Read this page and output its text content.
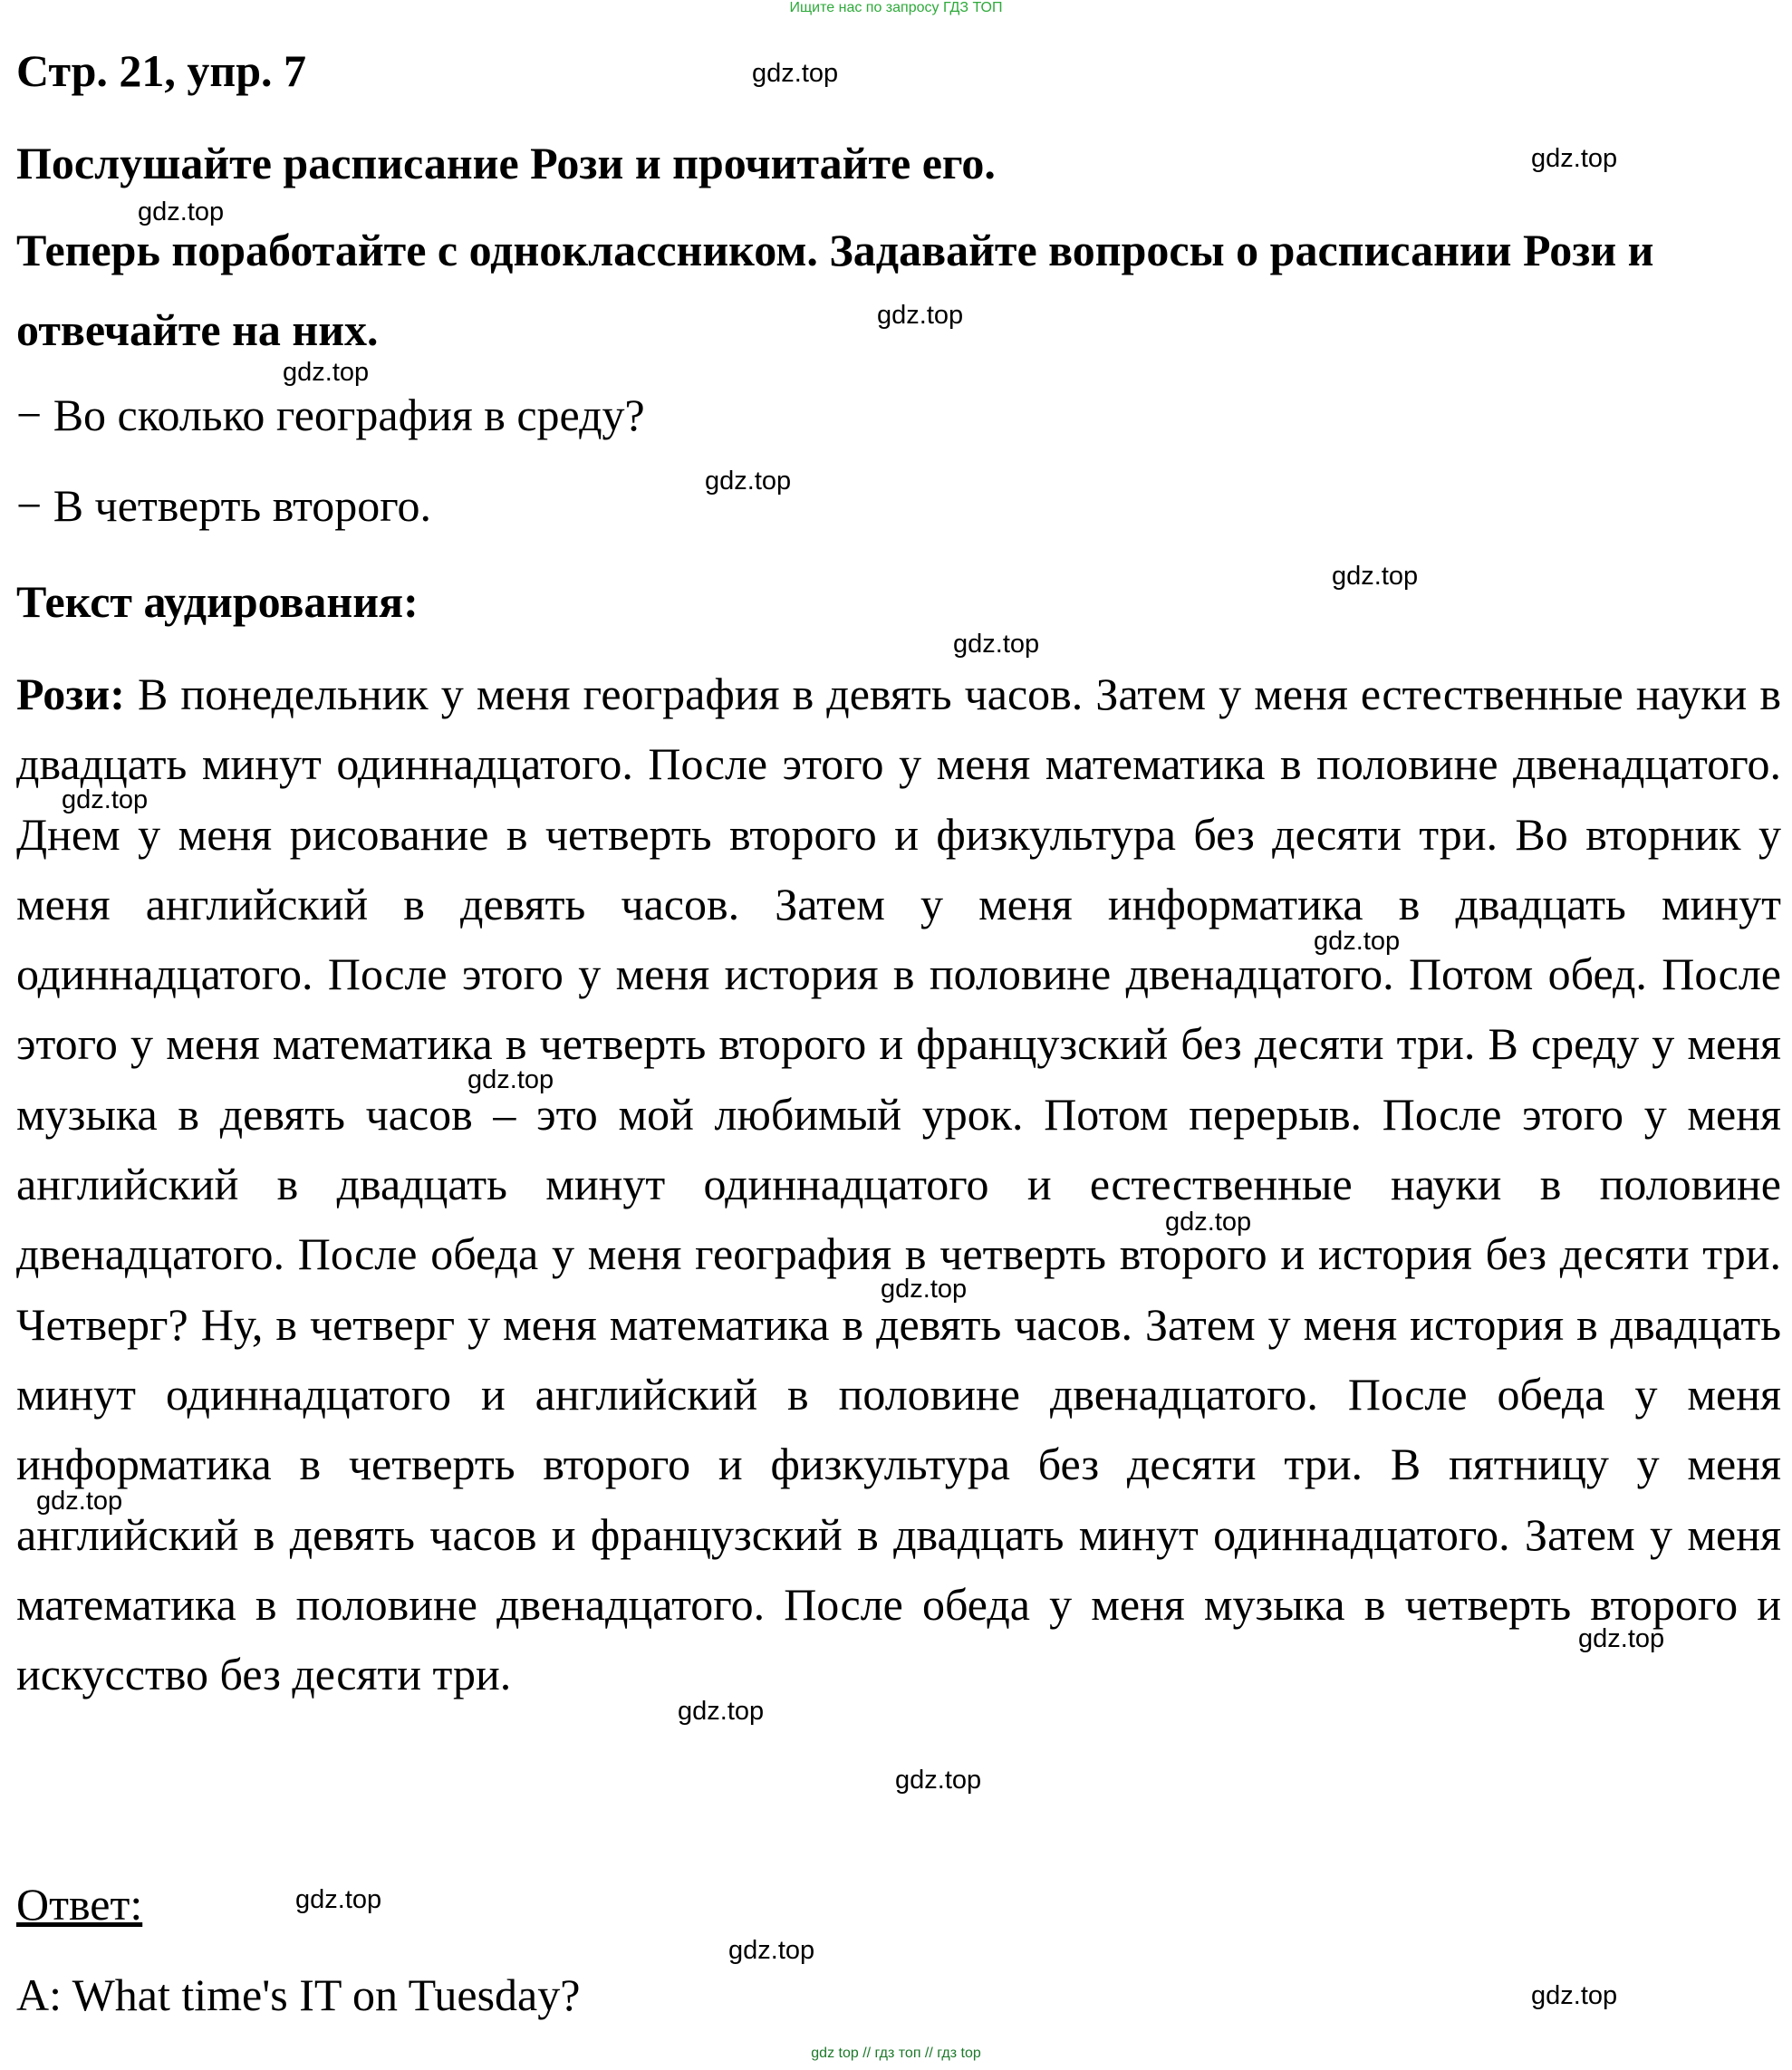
Ищите нас по запросу ГДЗ ТОП
Стр. 21, упр. 7
Послушайте расписание Рози и прочитайте его.
Теперь поработайте с одноклассником. Задавайте вопросы о расписании Рози и отвечайте на них.
− Во сколько география в среду?
− В четверть второго.
Текст аудирования:

Рози: В понедельник у меня география в девять часов. Затем у меня естественные науки в двадцать минут одиннадцатого. После этого у меня математика в половине двенадцатого. Днем у меня рисование в четверть второго и физкультура без десяти три. Во вторник у меня английский в девять часов. Затем у меня информатика в двадцать минут одиннадцатого. После этого у меня история в половине двенадцатого. Потом обед. После этого у меня математика в четверть второго и французский без десяти три. В среду у меня музыка в девять часов – это мой любимый урок. Потом перерыв. После этого у меня английский в двадцать минут одиннадцатого и естественные науки в половине двенадцатого. После обеда у меня география в четверть второго и история без десяти три. Четверг? Ну, в четверг у меня математика в девять часов. Затем у меня история в двадцать минут одиннадцатого и английский в половине двенадцатого. После обеда у меня информатика в четверть второго и физкультура без десяти три. В пятницу у меня английский в девять часов и французский в двадцать минут одиннадцатого. Затем у меня математика в половине двенадцатого. После обеда у меня музыка в четверть второго и искусство без десяти три.

Ответ:
A: What time's IT on Tuesday?
gdz top // гдз топ // гдз top
gdz.top
gdz.top
gdz.top
gdz.top
gdz.top
gdz.top
gdz.top
gdz.top
gdz.top
gdz.top
gdz.top
gdz.top
gdz.top
gdz.top
gdz.top
gdz.top
gdz.top
gdz.top
gdz.top
gdz.top
